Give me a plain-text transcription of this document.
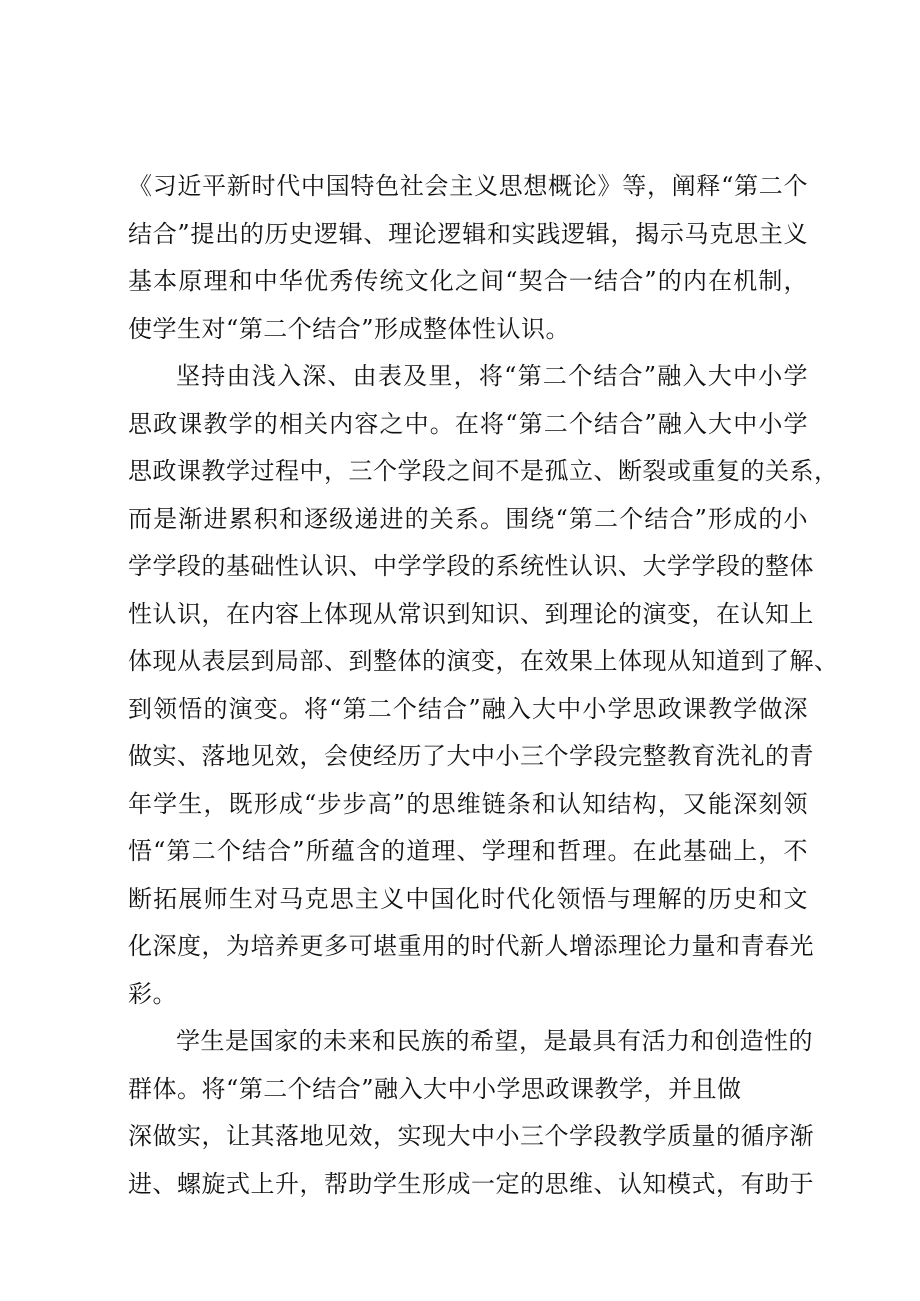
《习近平新时代中国特色社会主义思想概论》等，阐释“第二个
结合”提出的历史逻辑、理论逻辑和实践逻辑，揭示马克思主义
基本原理和中华优秀传统文化之间“契合一结合”的内在机制，
使学生对“第二个结合”形成整体性认识。
坚持由浅入深、由表及里，将“第二个结合”融入大中小学
思政课教学的相关内容之中。在将“第二个结合”融入大中小学
思政课教学过程中，三个学段之间不是孤立、断裂或重复的关系，
而是渐进累积和逐级递进的关系。围绕“第二个结合”形成的小
学学段的基础性认识、中学学段的系统性认识、大学学段的整体
性认识，在内容上体现从常识到知识、到理论的演变，在认知上
体现从表层到局部、到整体的演变，在效果上体现从知道到了解、
到领悟的演变。将“第二个结合”融入大中小学思政课教学做深
做实、落地见效，会使经历了大中小三个学段完整教育洗礼的青
年学生，既形成“步步高”的思维链条和认知结构，又能深刻领
悟“第二个结合”所蕴含的道理、学理和哲理。在此基础上，不
断拓展师生对马克思主义中国化时代化领悟与理解的历史和文
化深度，为培养更多可堪重用的时代新人增添理论力量和青春光
彩。
学生是国家的未来和民族的希望，是最具有活力和创造性的
群体。将“第二个结合”融入大中小学思政课教学，并且做
深做实，让其落地见效，实现大中小三个学段教学质量的循序渐
进、螺旋式上升，帮助学生形成一定的思维、认知模式，有助于
